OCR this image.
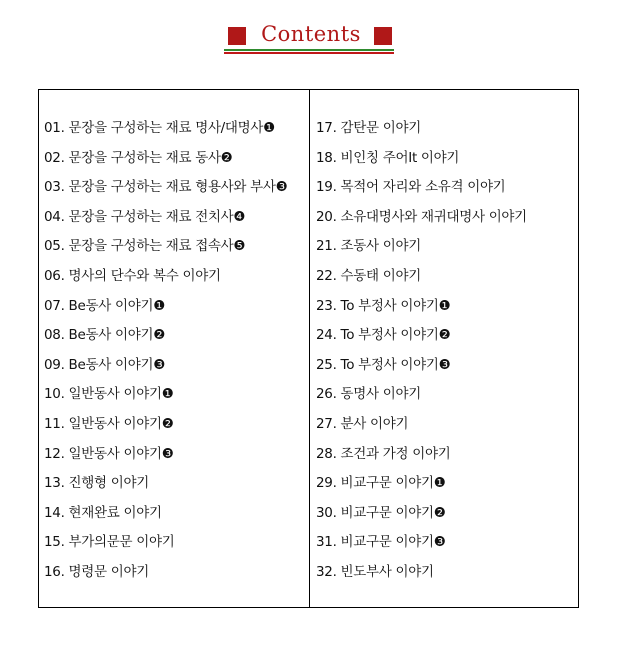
Contents
01. 문장을 구성하는 재료 명사/대명사❶
02. 문장을 구성하는 재료 동사❷
03. 문장을 구성하는 재료 형용사와 부사❸
04. 문장을 구성하는 재료 전치사❹
05. 문장을 구성하는 재료 접속사❺
06. 명사의 단수와 복수 이야기
07. Be동사 이야기❶
08. Be동사 이야기❷
09. Be동사 이야기❸
10. 일반동사 이야기❶
11. 일반동사 이야기❷
12. 일반동사 이야기❸
13. 진행형 이야기
14. 현재완료 이야기
15. 부가의문문 이야기
16. 명령문 이야기
17. 감탄문 이야기
18. 비인칭 주어It 이야기
19. 목적어 자리와 소유격 이야기
20. 소유대명사와 재귀대명사 이야기
21. 조동사 이야기
22. 수동태 이야기
23. To 부정사 이야기❶
24. To 부정사 이야기❷
25. To 부정사 이야기❸
26. 동명사 이야기
27. 분사 이야기
28. 조건과 가정 이야기
29. 비교구문 이야기❶
30. 비교구문 이야기❷
31. 비교구문 이야기❸
32. 빈도부사 이야기
